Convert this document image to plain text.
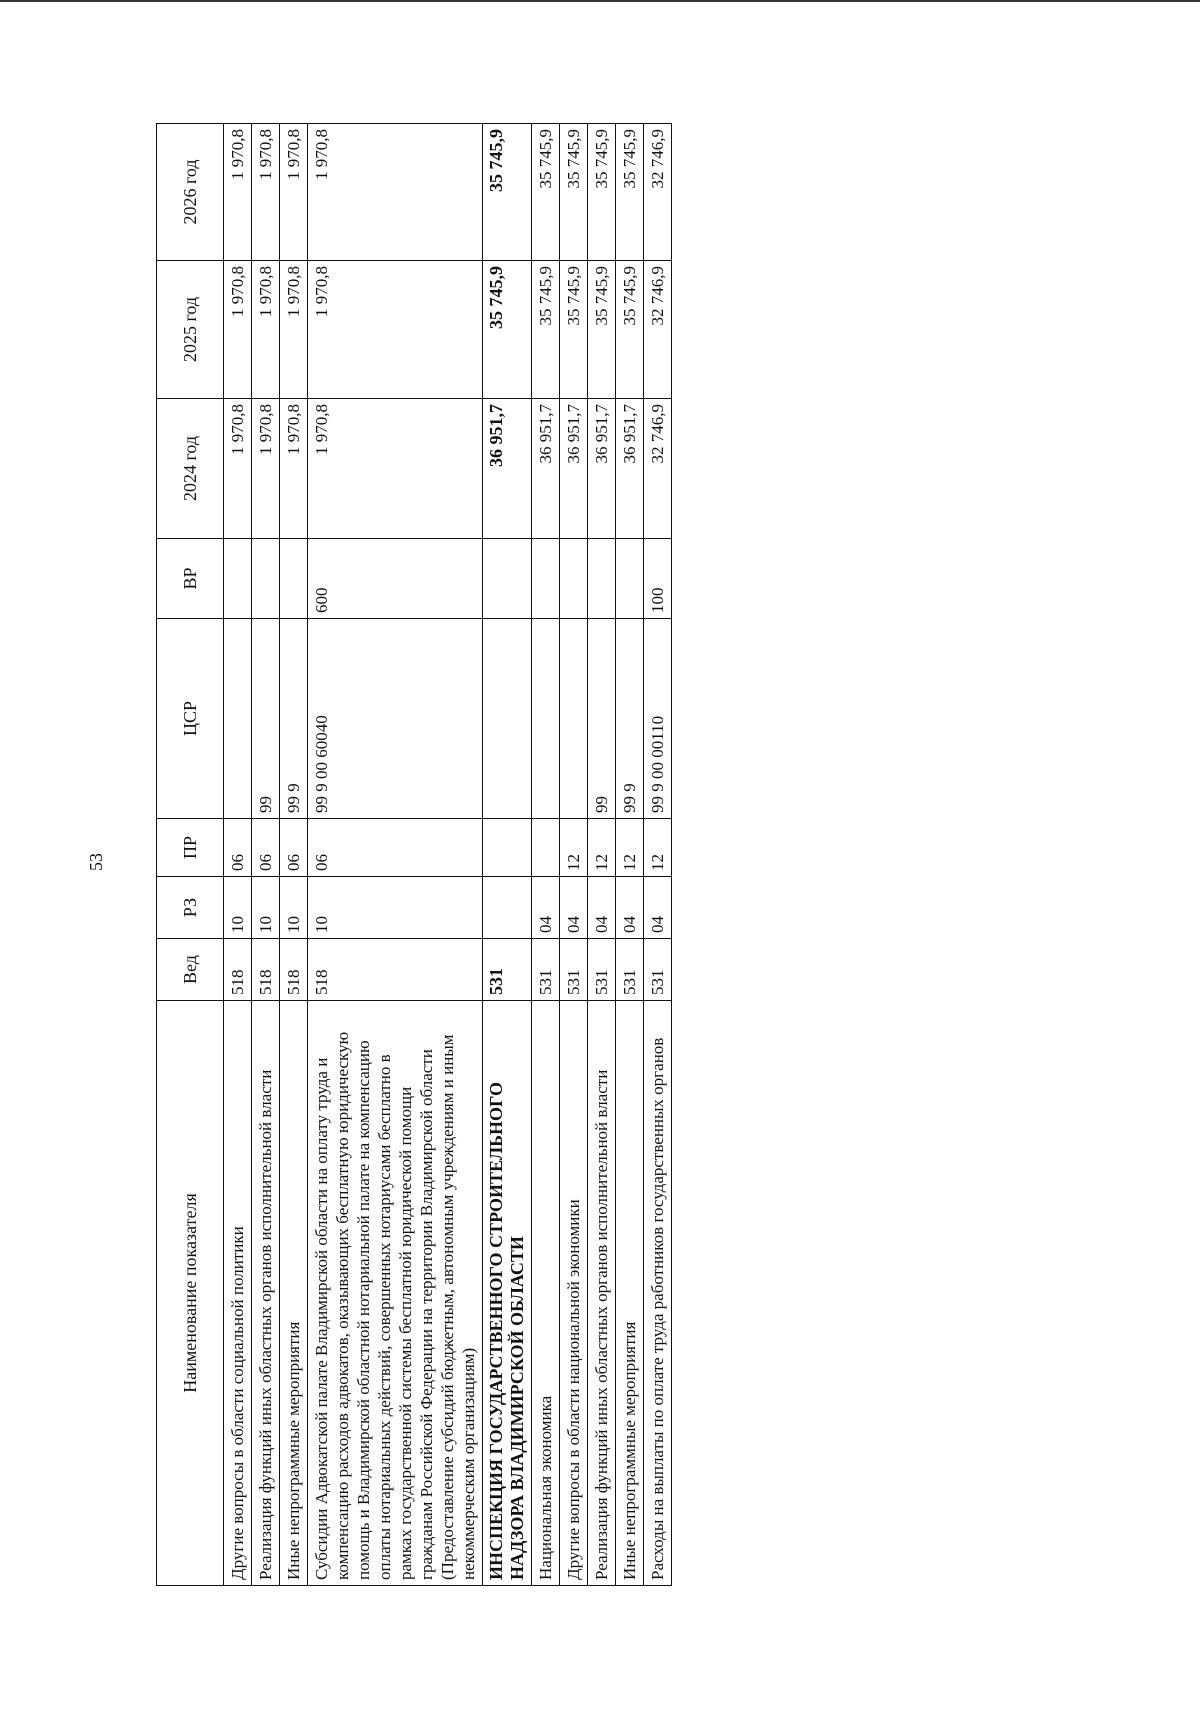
53
Наименование показателя	Вед	РЗ	ПР	ЦСР	ВР	2024 год	2025 год	2026 год
Другие вопросы в области социальной политики	518	10	06			1 970,8	1 970,8	1 970,8
Реализация функций иных областных органов исполнительной власти	518	10	06	99		1 970,8	1 970,8	1 970,8
Иные непрограммные мероприятия	518	10	06	99 9		1 970,8	1 970,8	1 970,8
Субсидии Адвокатской палате Владимирской области на оплату труда и компенсацию расходов адвокатов, оказывающих бесплатную юридическую помощь и Владимирской областной нотариальной палате на компенсацию оплаты нотариальных действий, совершенных нотариусами бесплатно в рамках государственной системы бесплатной юридической помощи гражданам Российской Федерации на территории Владимирской области (Предоставление субсидий бюджетным, автономным учреждениям и иным некоммерческим организациям)	518	10	06	99 9 00 60040	600	1 970,8	1 970,8	1 970,8
ИНСПЕКЦИЯ ГОСУДАРСТВЕННОГО СТРОИТЕЛЬНОГО НАДЗОРА ВЛАДИМИРСКОЙ ОБЛАСТИ	531					36 951,7	35 745,9	35 745,9
Национальная экономика	531	04				36 951,7	35 745,9	35 745,9
Другие вопросы в области национальной экономики	531	04	12			36 951,7	35 745,9	35 745,9
Реализация функций иных областных органов исполнительной власти	531	04	12	99		36 951,7	35 745,9	35 745,9
Иные непрограммные мероприятия	531	04	12	99 9		36 951,7	35 745,9	35 745,9
Расходы на выплаты по оплате труда работников государственных органов	531	04	12	99 9 00 00110	100	32 746,9	32 746,9	32 746,9
